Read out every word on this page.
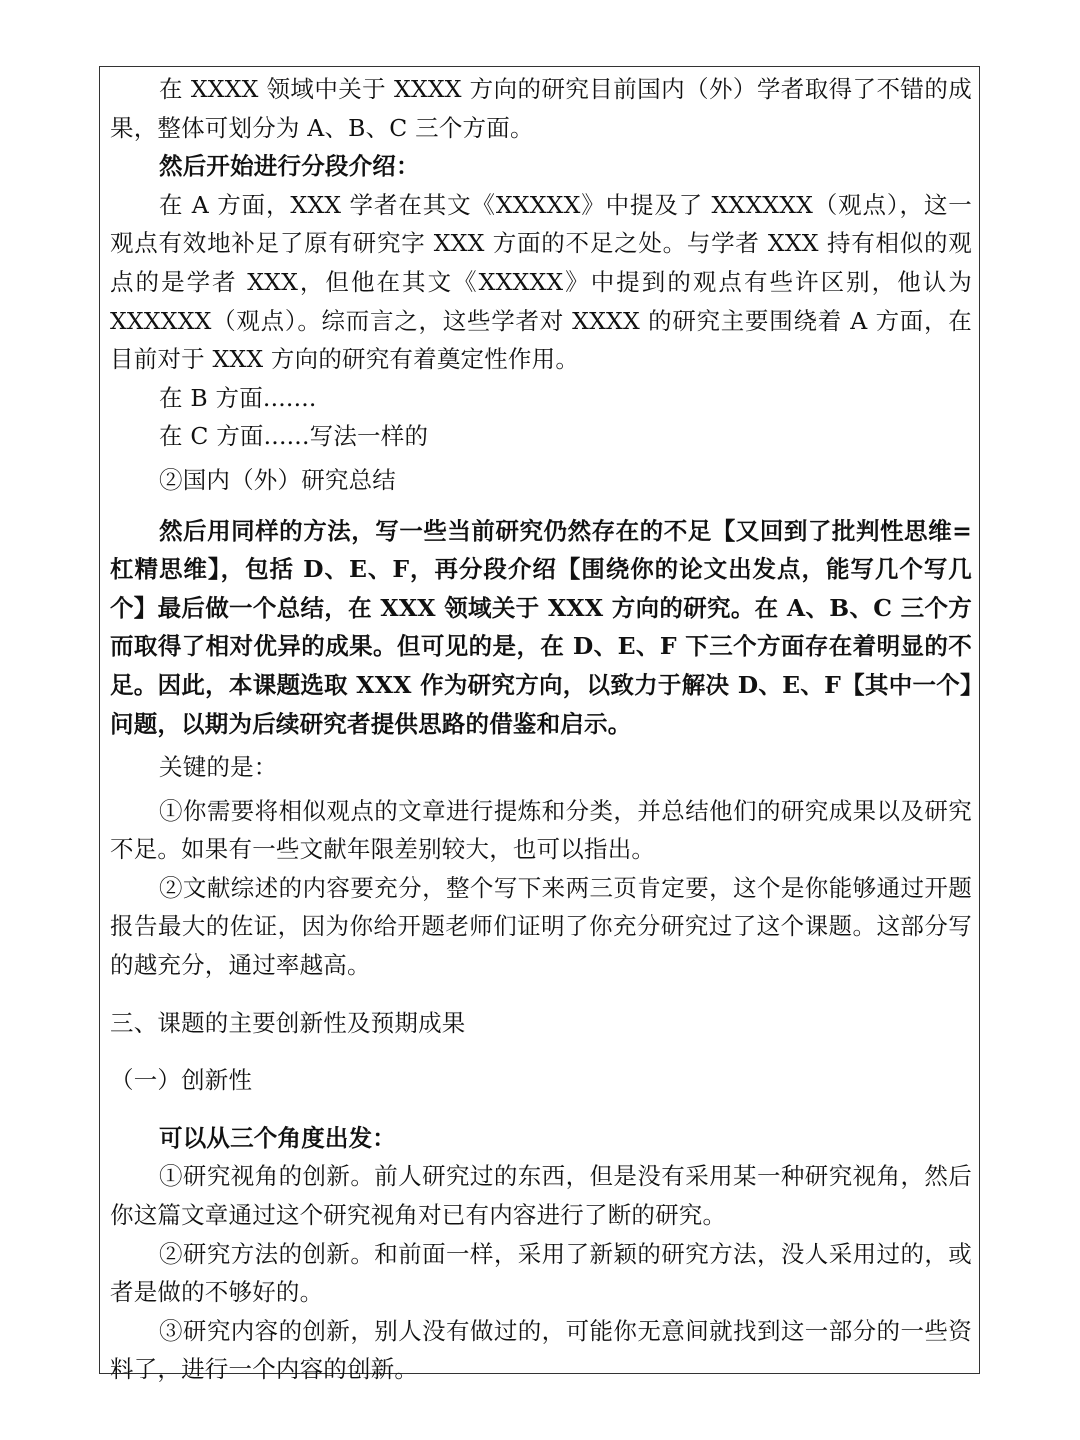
在 XXXX 领域中关于 XXXX 方向的研究目前国内（外）学者取得了不错的成果，整体可划分为 A、B、C 三个方面。

然后开始进行分段介绍：

在 A 方面，XXX 学者在其文《XXXXX》中提及了 XXXXXX（观点），这一观点有效地补足了原有研究字 XXX 方面的不足之处。与学者 XXX 持有相似的观点的是学者 XXX，但他在其文《XXXXX》中提到的观点有些许区别，他认为 XXXXXX（观点）。综而言之，这些学者对 XXXX 的研究主要围绕着 A 方面，在目前对于 XXX 方向的研究有着奠定性作用。

在 B 方面.......

在 C 方面......写法一样的

②国内（外）研究总结

然后用同样的方法，写一些当前研究仍然存在的不足【又回到了批判性思维=杠精思维】，包括 D、E、F，再分段介绍【围绕你的论文出发点，能写几个写几个】最后做一个总结，在 XXX 领域关于 XXX 方向的研究。在 A、B、C 三个方而取得了相对优异的成果。但可见的是，在 D、E、F 下三个方面存在着明显的不足。因此，本课题选取 XXX 作为研究方向，以致力于解决 D、E、F【其中一个】问题，以期为后续研究者提供思路的借鉴和启示。

关键的是：

①你需要将相似观点的文章进行提炼和分类，并总结他们的研究成果以及研究不足。如果有一些文献年限差别较大，也可以指出。

②文献综述的内容要充分，整个写下来两三页肯定要，这个是你能够通过开题报告最大的佐证，因为你给开题老师们证明了你充分研究过了这个课题。这部分写的越充分，通过率越高。

三、课题的主要创新性及预期成果

（一）创新性

可以从三个角度出发：

①研究视角的创新。前人研究过的东西，但是没有采用某一种研究视角，然后你这篇文章通过这个研究视角对已有内容进行了断的研究。

②研究方法的创新。和前面一样，采用了新颖的研究方法，没人采用过的，或者是做的不够好的。

③研究内容的创新，别人没有做过的，可能你无意间就找到这一部分的一些资料了，进行一个内容的创新。
